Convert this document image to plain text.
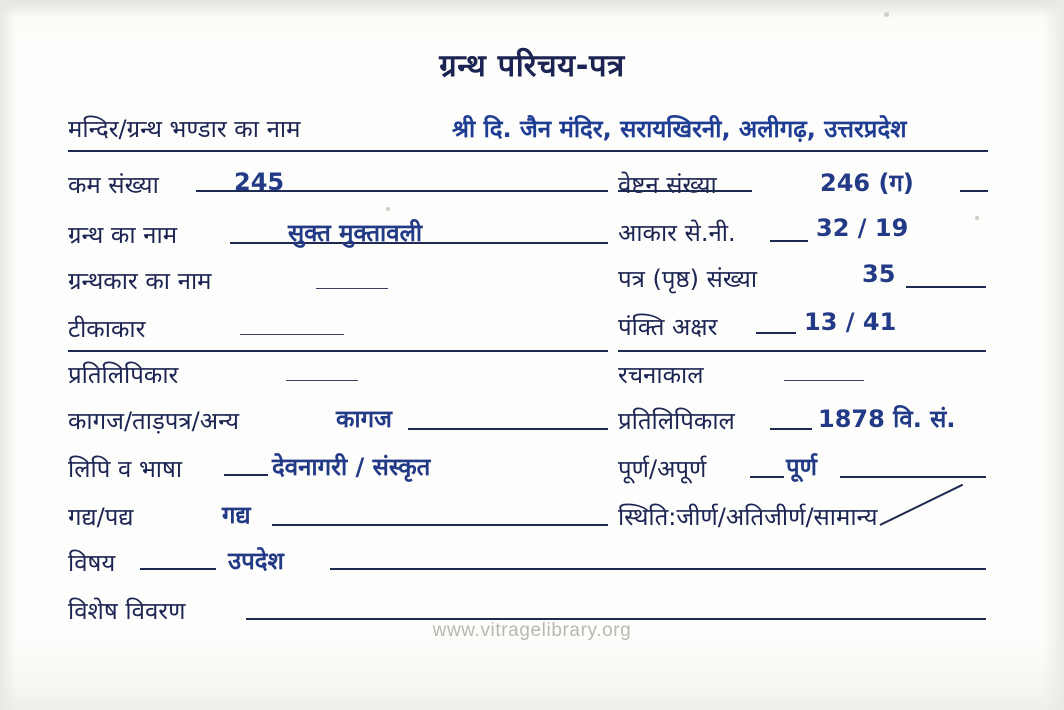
ग्रन्थ परिचय-पत्र
मन्दिर/ग्रन्थ भण्डार का नाम	श्री दि. जैन मंदिर, सरायखिरनी, अलीगढ़, उत्तरप्रदेश
कम संख्या	245
ग्रन्थ का नाम	सुक्त मुक्तावली
ग्रन्थकार का नाम
टीकाकार
प्रतिलिपिकार
कागज/ताड़पत्र/अन्य	कागज
लिपि व भाषा	देवनागरी / संस्कृत
गद्य/पद्य	गद्य
विषय	उपदेश
विशेष विवरण
वेष्टन संख्या	246 (ग)
आकार से.नी.	32 / 19
पत्र (पृष्ठ) संख्या	35
पंक्ति अक्षर	13 / 41
रचनाकाल
प्रतिलिपिकाल	1878 वि. सं.
पूर्ण/अपूर्ण	पूर्ण
स्थिति:जीर्ण/अतिजीर्ण/सामान्य
www.vitragelibrary.org
